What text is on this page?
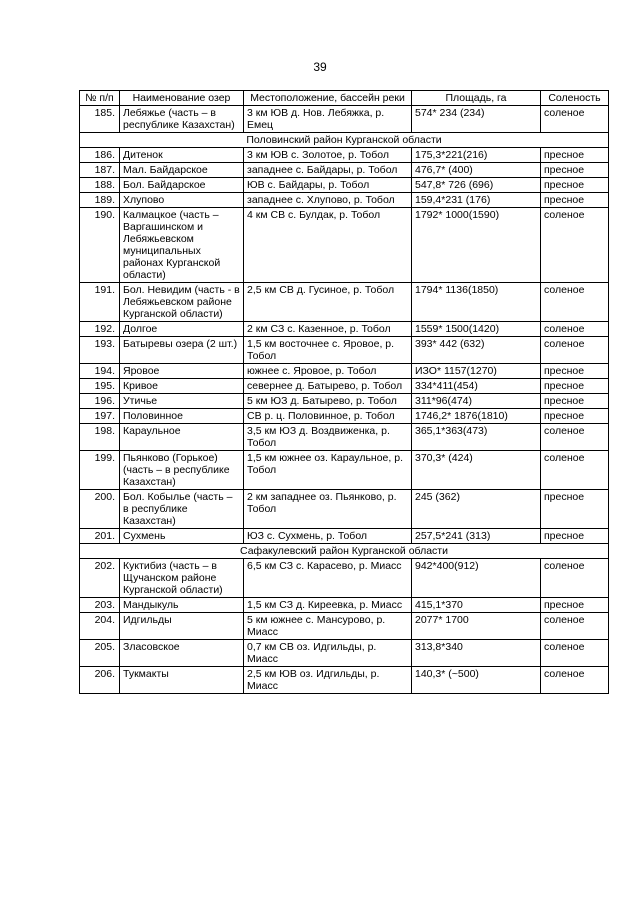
39
№ п/п	Наименование озер	Местоположение, бассейн реки	Площадь, га	Соленость
185.	Лебяжье (часть – в республике Казахстан)	3 км ЮВ д. Нов. Лебяжка, р. Емец	574* 234 (234)	соленое
Половинский район Курганской области				
186.	Дитенок	3 км ЮВ с. Золотое, р. Тобол	175,3*221(216)	пресное
187.	Мал. Байдарское	западнее с. Байдары, р. Тобол	476,7* (400)	пресное
188.	Бол. Байдарское	ЮВ с. Байдары, р. Тобол	547,8* 726 (696)	пресное
189.	Хлупово	западнее с. Хлупово, р. Тобол	159,4*231 (176)	пресное
190.	Калмацкое (часть – Варгашинском и Лебяжьевском муниципальных районах Курганской области)	4 км СВ с. Булдак, р. Тобол	1792* 1000(1590)	соленое
191.	Бол. Невидим (часть - в Лебяжьевском районе Курганской области)	2,5 км СВ д. Гусиное, р. Тобол	1794* 1136(1850)	соленое
192.	Долгое	2 км СЗ с. Казенное, р. Тобол	1559* 1500(1420)	соленое
193.	Батыревы озера (2 шт.)	1,5 км восточнее с. Яровое, р. Тобол	393* 442 (632)	соленое
194.	Яровое	южнее с. Яровое, р. Тобол	ИЗО* 1157(1270)	пресное
195.	Кривое	севернее д. Батырево, р. Тобол	334*411(454)	пресное
196.	Утичье	5 км ЮЗ д. Батырево, р. Тобол	311*96(474)	пресное
197.	Половинное	СВ р. ц. Половинное, р. Тобол	1746,2* 1876(1810)	пресное
198.	Караульное	3,5 км ЮЗ д. Воздвиженка, р. Тобол	365,1*363(473)	соленое
199.	Пьянково (Горькое) (часть – в республике Казахстан)	1,5 км южнее оз. Караульное, р. Тобол	370,3* (424)	соленое
200.	Бол. Кобылье (часть – в республике Казахстан)	2 км западнее оз. Пьянково, р. Тобол	245 (362)	пресное
201.	Сухмень	ЮЗ с. Сухмень, р. Тобол	257,5*241 (313)	пресное
Сафакулевский район Курганской области				
202.	Куктибиз (часть – в Щучанском районе Курганской области)	6,5 км СЗ с. Карасево, р. Миасс	942*400(912)	соленое
203.	Мандыкуль	1,5 км СЗ д. Киреевка, р. Миасс	415,1*370	пресное
204.	Идгильды	5 км южнее с. Мансурово, р. Миасс	2077* 1700	соленое
205.	Зласовское	0,7 км СВ оз. Идгильды, р. Миасс	313,8*340	соленое
206.	Тукмакты	2,5 км ЮВ оз. Идгильды, р. Миасс	140,3* (~500)	соленое
